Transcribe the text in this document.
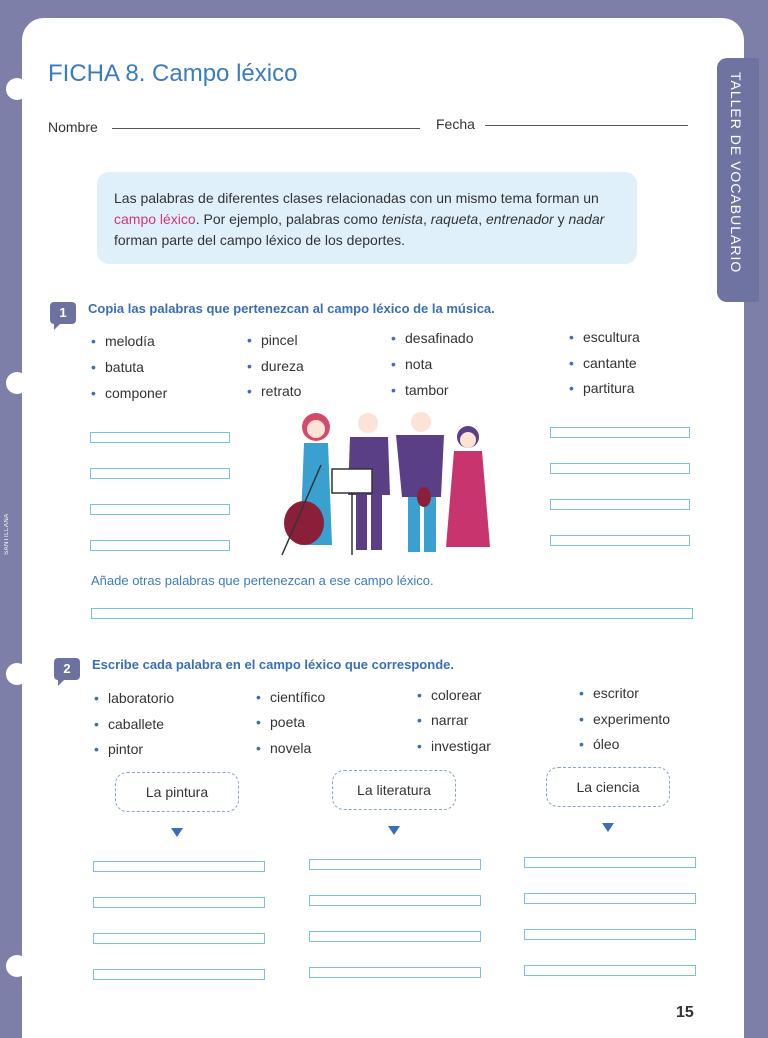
SANTILLANA
TALLER DE VOCABULARIO
FICHA 8. Campo léxico
Nombre	Fecha

Las palabras de diferentes clases relacionadas con un mismo tema forman un campo léxico. Por ejemplo, palabras como tenista, raqueta, entrenador y nadar forman parte del campo léxico de los deportes.

1	Copia las palabras que pertenezcan al campo léxico de la música.
• melodía
• batuta
• componer
• pincel
• dureza
• retrato
• desafinado
• nota
• tambor
• escultura
• cantante
• partitura
Añade otras palabras que pertenezcan a ese campo léxico.
2	Escribe cada palabra en el campo léxico que corresponde.
• laboratorio
• caballete
• pintor
• científico
• poeta
• novela
• colorear
• narrar
• investigar
• escritor
• experimento
• óleo
La pintura	La literatura	La ciencia
15
